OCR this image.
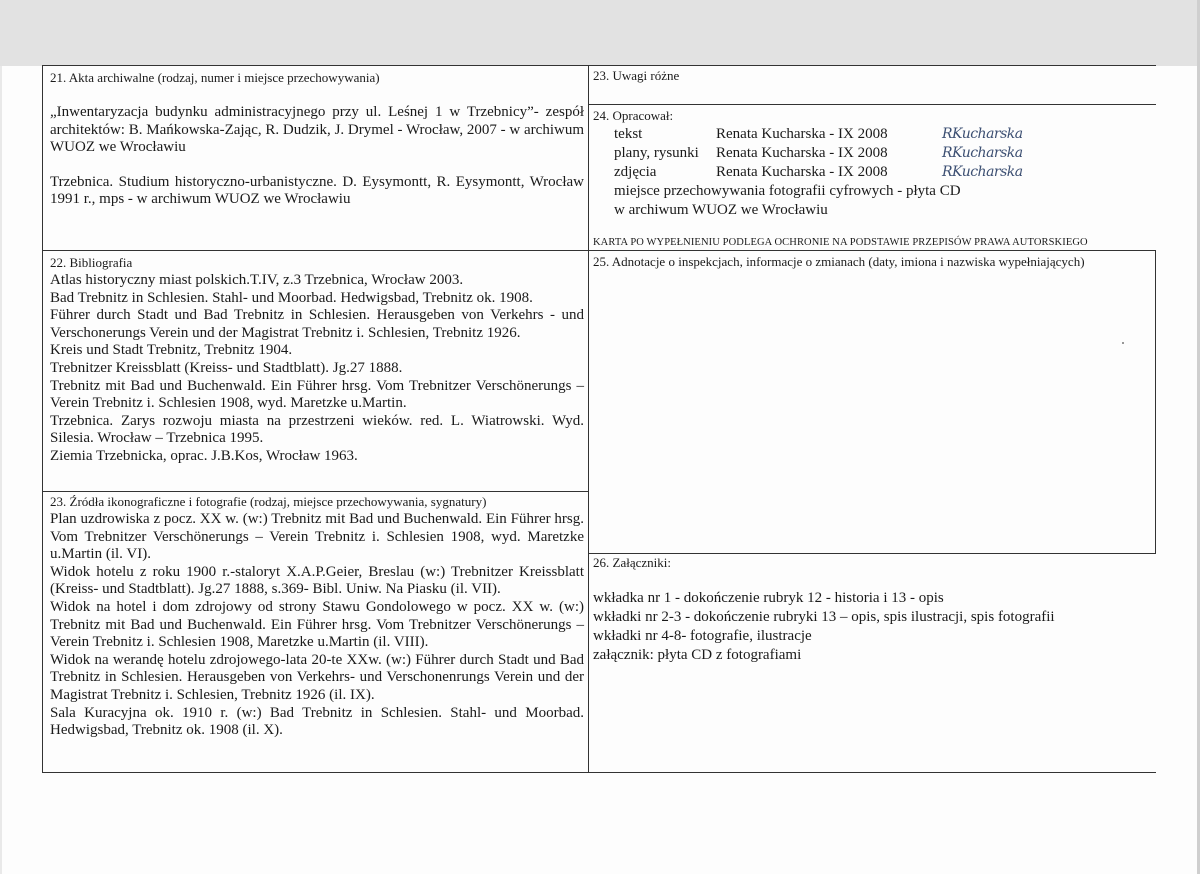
21. Akta archiwalne (rodzaj, numer i miejsce przechowywania)

„Inwentaryzacja budynku administracyjnego przy ul. Leśnej 1 w Trzebnicy”- zespół architektów: B. Mańkowska-Zając, R. Dudzik, J. Drymel - Wrocław, 2007 - w archiwum WUOZ we Wrocławiu

Trzebnica. Studium historyczno-urbanistyczne. D. Eysymontt, R. Eysymontt, Wrocław 1991 r., mps - w archiwum WUOZ we Wrocławiu

22. Bibliografia

Atlas historyczny miast polskich.T.IV, z.3 Trzebnica, Wrocław 2003.

Bad Trebnitz in Schlesien. Stahl- und Moorbad. Hedwigsbad, Trebnitz ok. 1908.

Führer durch Stadt und Bad Trebnitz in Schlesien. Herausgeben von Verkehrs - und Verschonerungs Verein und der Magistrat Trebnitz i. Schlesien, Trebnitz 1926.

Kreis und Stadt Trebnitz, Trebnitz 1904.

Trebnitzer Kreissblatt (Kreiss- und Stadtblatt). Jg.27 1888.

Trebnitz mit Bad und Buchenwald. Ein Führer hrsg. Vom Trebnitzer Verschönerungs – Verein Trebnitz i. Schlesien 1908, wyd. Maretzke u.Martin.

Trzebnica. Zarys rozwoju miasta na przestrzeni wieków. red. L. Wiatrowski. Wyd. Silesia. Wrocław – Trzebnica 1995.

Ziemia Trzebnicka, oprac. J.B.Kos, Wrocław 1963.

23. Źródła ikonograficzne i fotografie (rodzaj, miejsce przechowywania, sygnatury)

Plan uzdrowiska z pocz. XX w. (w:) Trebnitz mit Bad und Buchenwald. Ein Führer hrsg. Vom Trebnitzer Verschönerungs – Verein Trebnitz i. Schlesien 1908, wyd. Maretzke u.Martin (il. VI).

Widok hotelu z roku 1900 r.-staloryt X.A.P.Geier, Breslau (w:) Trebnitzer Kreissblatt (Kreiss- und Stadtblatt). Jg.27 1888, s.369- Bibl. Uniw. Na Piasku (il. VII).

Widok na hotel i dom zdrojowy od strony Stawu Gondolowego w pocz. XX w. (w:) Trebnitz mit Bad und Buchenwald. Ein Führer hrsg. Vom Trebnitzer Verschönerungs – Verein Trebnitz i. Schlesien 1908, Maretzke u.Martin (il. VIII).

Widok na werandę hotelu zdrojowego-lata 20-te XXw. (w:) Führer durch Stadt und Bad Trebnitz in Schlesien. Herausgeben von Verkehrs- und Verschonenrungs Verein und der Magistrat Trebnitz i. Schlesien, Trebnitz 1926 (il. IX).

Sala Kuracyjna ok. 1910 r. (w:) Bad Trebnitz in Schlesien. Stahl- und Moorbad. Hedwigsbad, Trebnitz ok. 1908 (il. X).

23. Uwagi różne
24. Opracował:
tekst	Renata Kucharska - IX 2008	RKucharska
plany, rysunki	Renata Kucharska - IX 2008	RKucharska
zdjęcia	Renata Kucharska - IX 2008	RKucharska
miejsce przechowywania fotografii cyfrowych - płyta CD
w archiwum WUOZ we Wrocławiu
KARTA PO WYPEŁNIENIU PODLEGA OCHRONIE NA PODSTAWIE PRZEPISÓW PRAWA AUTORSKIEGO
25. Adnotacje o inspekcjach, informacje o zmianach (daty, imiona i nazwiska wypełniających)
26. Załączniki:
wkładka nr 1 - dokończenie rubryk 12 - historia i 13 - opis
wkładki nr 2-3 - dokończenie rubryki 13 – opis, spis ilustracji, spis fotografii
wkładki nr 4-8- fotografie, ilustracje
załącznik: płyta CD z fotografiami
